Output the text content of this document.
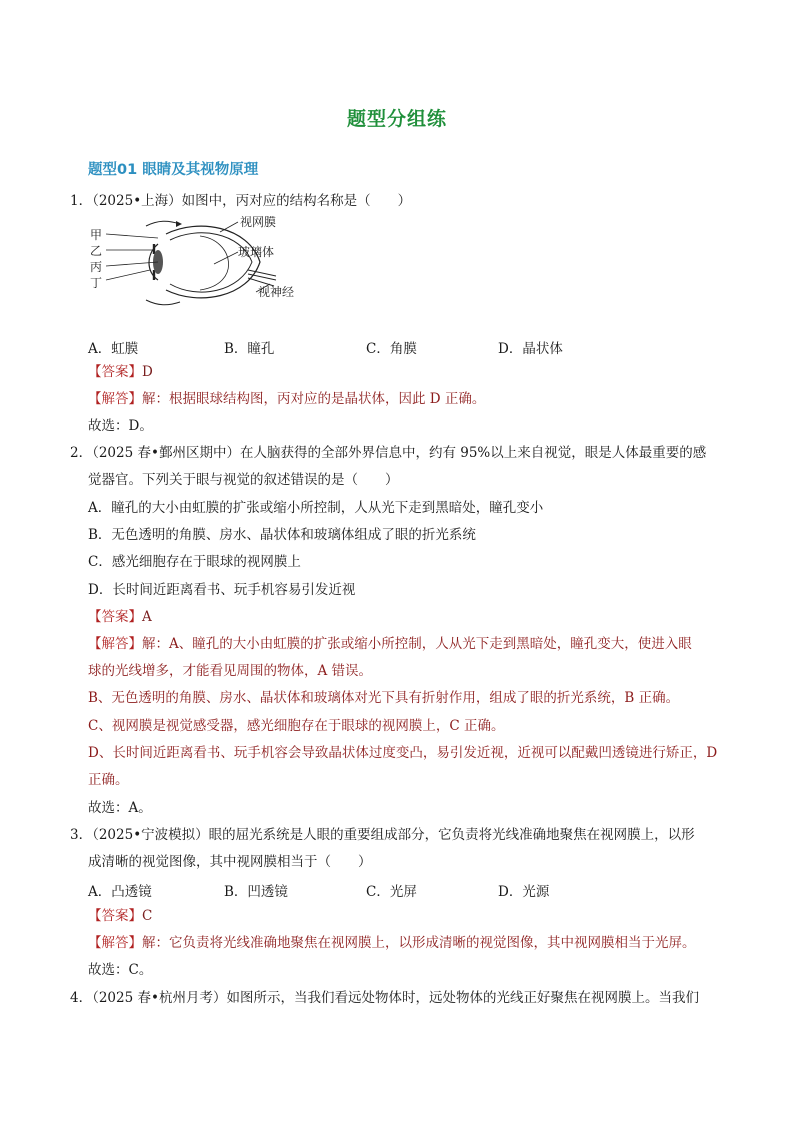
题型分组练
题型01 眼睛及其视物原理
1．（2025•上海）如图中，丙对应的结构名称是（　　）
甲
乙
丙
丁
视网膜
玻璃体
视神经
A．虹膜	B．瞳孔	C．角膜	D．晶状体
【答案】D
【解答】解：根据眼球结构图，丙对应的是晶状体，因此 D 正确。
故选：D。
2．（2025 春•鄞州区期中）在人脑获得的全部外界信息中，约有 95%以上来自视觉，眼是人体最重要的感
觉器官。下列关于眼与视觉的叙述错误的是（　　）
A．瞳孔的大小由虹膜的扩张或缩小所控制，人从光下走到黑暗处，瞳孔变小
B．无色透明的角膜、房水、晶状体和玻璃体组成了眼的折光系统
C．感光细胞存在于眼球的视网膜上
D．长时间近距离看书、玩手机容易引发近视
【答案】A
【解答】解：A、瞳孔的大小由虹膜的扩张或缩小所控制，人从光下走到黑暗处，瞳孔变大，使进入眼
球的光线增多，才能看见周围的物体，A 错误。
B、无色透明的角膜、房水、晶状体和玻璃体对光下具有折射作用，组成了眼的折光系统，B 正确。
C、视网膜是视觉感受器，感光细胞存在于眼球的视网膜上，C 正确。
D、长时间近距离看书、玩手机容会导致晶状体过度变凸，易引发近视，近视可以配戴凹透镜进行矫正，D
正确。
故选：A。
3．（2025•宁波模拟）眼的屈光系统是人眼的重要组成部分，它负责将光线准确地聚焦在视网膜上，以形
成清晰的视觉图像，其中视网膜相当于（　　）
A．凸透镜	B．凹透镜	C．光屏	D．光源
【答案】C
【解答】解：它负责将光线准确地聚焦在视网膜上，以形成清晰的视觉图像，其中视网膜相当于光屏。
故选：C。
4．（2025 春•杭州月考）如图所示，当我们看远处物体时，远处物体的光线正好聚焦在视网膜上。当我们
